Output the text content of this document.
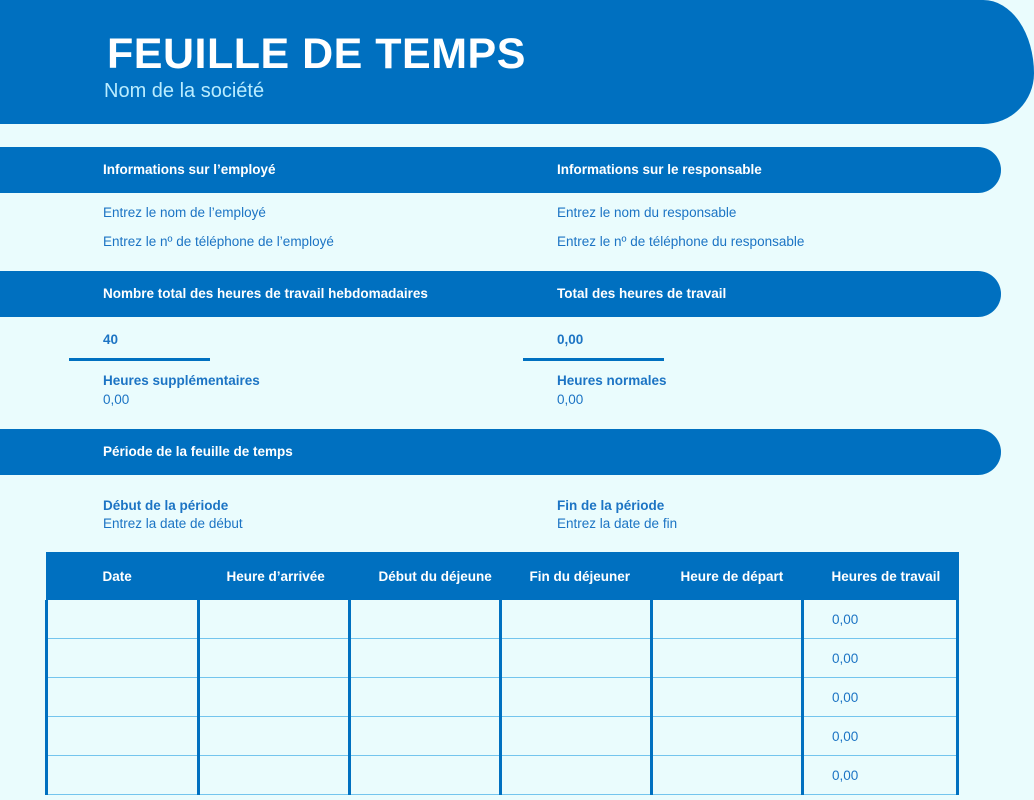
FEUILLE DE TEMPS
Nom de la société
Informations sur l’employé	Informations sur le responsable
Entrez le nom de l’employé
Entrez le nº de téléphone de l’employé
Entrez le nom du responsable
Entrez le nº de téléphone du responsable
Nombre total des heures de travail hebdomadaires	Total des heures de travail
40	0,00
Heures supplémentaires
0,00
Heures normales
0,00
Période de la feuille de temps
Début de la période
Entrez la date de début
Fin de la période
Entrez la date de fin
Date	Heure d’arrivée	Début du déjeune	Fin du déjeuner	Heure de départ	Heures de travail
					0,00
					0,00
					0,00
					0,00
					0,00
